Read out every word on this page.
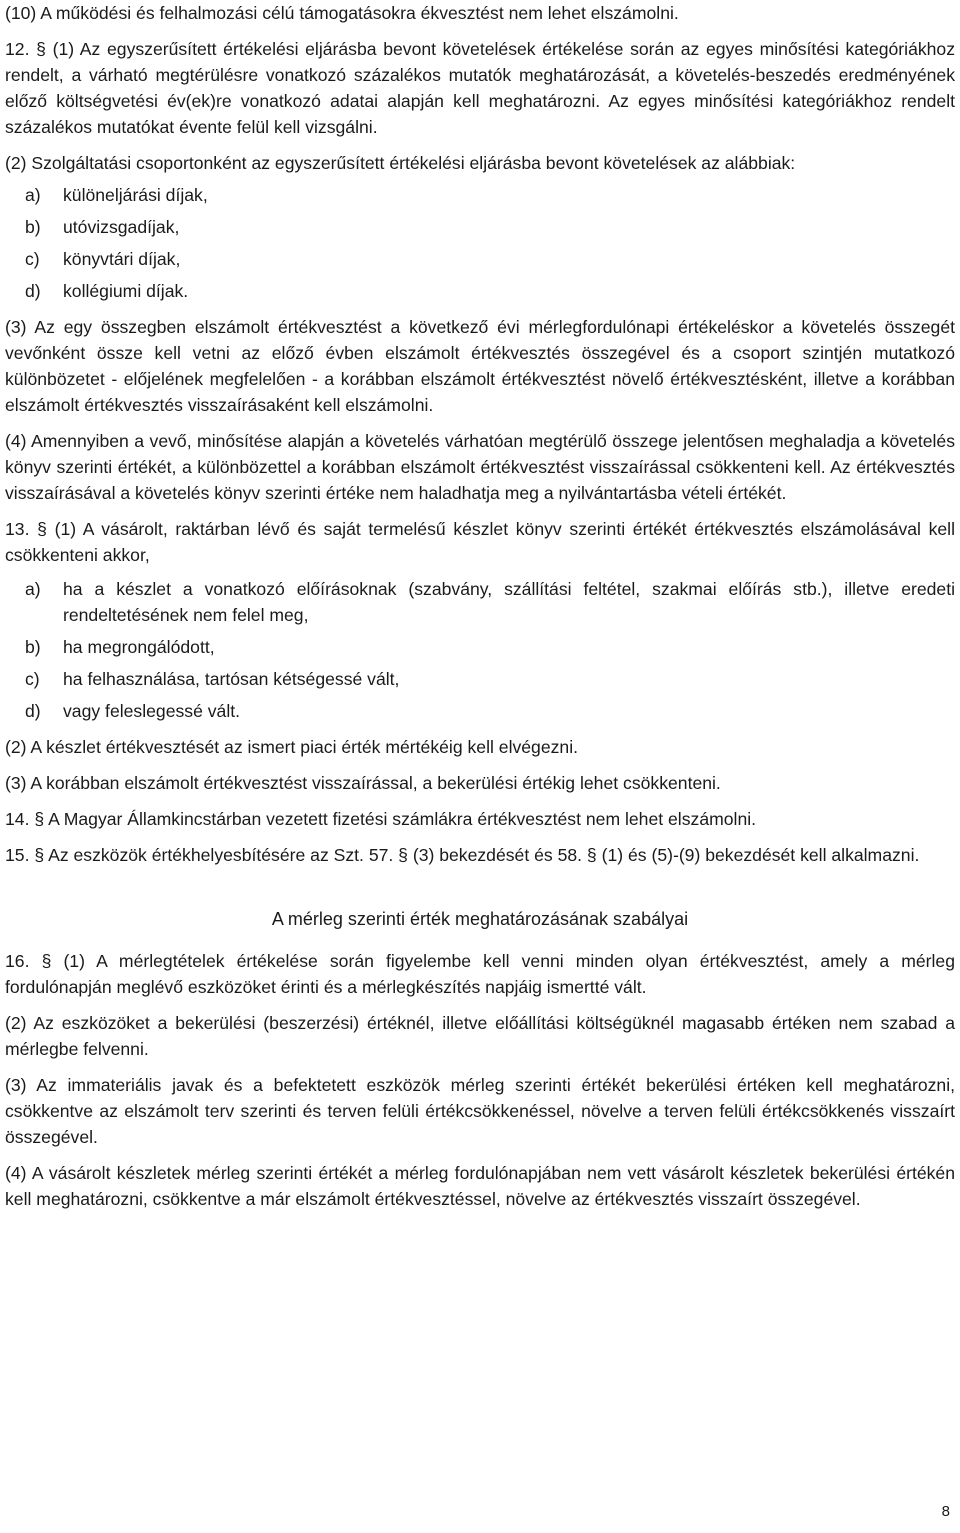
(10) A működési és felhalmozási célú támogatásokra ékvesztést nem lehet elszámolni.

12. § (1) Az egyszerűsített értékelési eljárásba bevont követelések értékelése során az egyes minősítési kategóriákhoz rendelt, a várható megtérülésre vonatkozó százalékos mutatók meghatározását, a követelés-beszedés eredményének előző költségvetési év(ek)re vonatkozó adatai alapján kell meghatározni. Az egyes minősítési kategóriákhoz rendelt százalékos mutatókat évente felül kell vizsgálni.

(2) Szolgáltatási csoportonként az egyszerűsített értékelési eljárásba bevont követelések az alábbiak:

a)	különeljárási díjak,
b)	utóvizsgadíjak,
c)	könyvtári díjak,
d)	kollégiumi díjak.

(3) Az egy összegben elszámolt értékvesztést a következő évi mérlegfordulónapi értékeléskor a követelés összegét vevőnként össze kell vetni az előző évben elszámolt értékvesztés összegével és a csoport szintjén mutatkozó különbözetet - előjelének megfelelően - a korábban elszámolt értékvesztést növelő értékvesztésként, illetve a korábban elszámolt értékvesztés visszaírásaként kell elszámolni.

(4) Amennyiben a vevő, minősítése alapján a követelés várhatóan megtérülő összege jelentősen meghaladja a követelés könyv szerinti értékét, a különbözettel a korábban elszámolt értékvesztést visszaírással csökkenteni kell. Az értékvesztés visszaírásával a követelés könyv szerinti értéke nem haladhatja meg a nyilvántartásba vételi értékét.

13. § (1) A vásárolt, raktárban lévő és saját termelésű készlet könyv szerinti értékét értékvesztés elszámolásával kell csökkenteni akkor,

a)	ha a készlet a vonatkozó előírásoknak (szabvány, szállítási feltétel, szakmai előírás stb.), illetve eredeti rendeltetésének nem felel meg,
b)	ha megrongálódott,
c)	ha felhasználása, tartósan kétségessé vált,
d)	vagy feleslegessé vált.

(2) A készlet értékvesztését az ismert piaci érték mértékéig kell elvégezni.

(3) A korábban elszámolt értékvesztést visszaírással, a bekerülési értékig lehet csökkenteni.

14. § A Magyar Államkincstárban vezetett fizetési számlákra értékvesztést nem lehet elszámolni.

15. § Az eszközök értékhelyesbítésére az Szt. 57. § (3) bekezdését és 58. § (1) és (5)-(9) bekezdését kell alkalmazni.

A mérleg szerinti érték meghatározásának szabályai

16. § (1) A mérlegtételek értékelése során figyelembe kell venni minden olyan értékvesztést, amely a mérleg fordulónapján meglévő eszközöket érinti és a mérlegkészítés napjáig ismertté vált.

(2) Az eszközöket a bekerülési (beszerzési) értéknél, illetve előállítási költségüknél magasabb értéken nem szabad a mérlegbe felvenni.

(3) Az immateriális javak és a befektetett eszközök mérleg szerinti értékét bekerülési értéken kell meghatározni, csökkentve az elszámolt terv szerinti és terven felüli értékcsökkenéssel, növelve a terven felüli értékcsökkenés visszaírt összegével.

(4) A vásárolt készletek mérleg szerinti értékét a mérleg fordulónapjában nem vett vásárolt készletek bekerülési értékén kell meghatározni, csökkentve a már elszámolt értékvesztéssel, növelve az értékvesztés visszaírt összegével.

8
